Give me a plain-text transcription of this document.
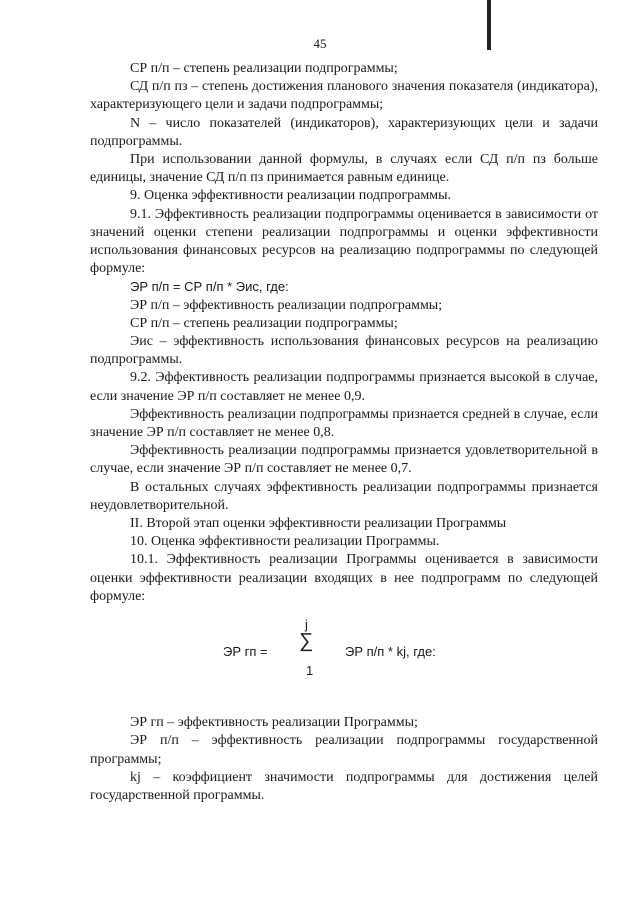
45

СР п/п – степень реализации подпрограммы;

СД п/п пз – степень достижения планового значения показателя (индикатора), характеризующего цели и задачи подпрограммы;

N – число показателей (индикаторов), характеризующих цели и задачи подпрограммы.

При использовании данной формулы, в случаях если СД п/п пз больше единицы, значение СД п/п пз принимается равным единице.

9. Оценка эффективности реализации подпрограммы.

9.1. Эффективность реализации подпрограммы оценивается в зависимости от значений оценки степени реализации подпрограммы и оценки эффективности использования финансовых ресурсов на реализацию подпрограммы по следующей формуле:

ЭР п/п = СР п/п * Эис, где:

ЭР п/п – эффективность реализации подпрограммы;

СР п/п – степень реализации подпрограммы;

Эис – эффективность использования финансовых ресурсов на реализацию подпрограммы.

9.2. Эффективность реализации подпрограммы признается высокой в случае, если значение ЭР п/п составляет не менее 0,9.

Эффективность реализации подпрограммы признается средней в случае, если значение ЭР п/п составляет не менее 0,8.

Эффективность реализации подпрограммы признается удовлетворительной в случае, если значение ЭР п/п составляет не менее 0,7.

В остальных случаях эффективность реализации подпрограммы признается неудовлетворительной.

II. Второй этап оценки эффективности реализации Программы

10. Оценка эффективности реализации Программы.

10.1. Эффективность реализации Программы оценивается в зависимости оценки эффективности реализации входящих в нее подпрограмм по следующей формуле:

ЭР гп =
j
∑
1
ЭР п/п * kj, где:

ЭР гп – эффективность реализации Программы;

ЭР п/п – эффективность реализации подпрограммы государственной программы;

kj – коэффициент значимости подпрограммы для достижения целей государственной программы.
